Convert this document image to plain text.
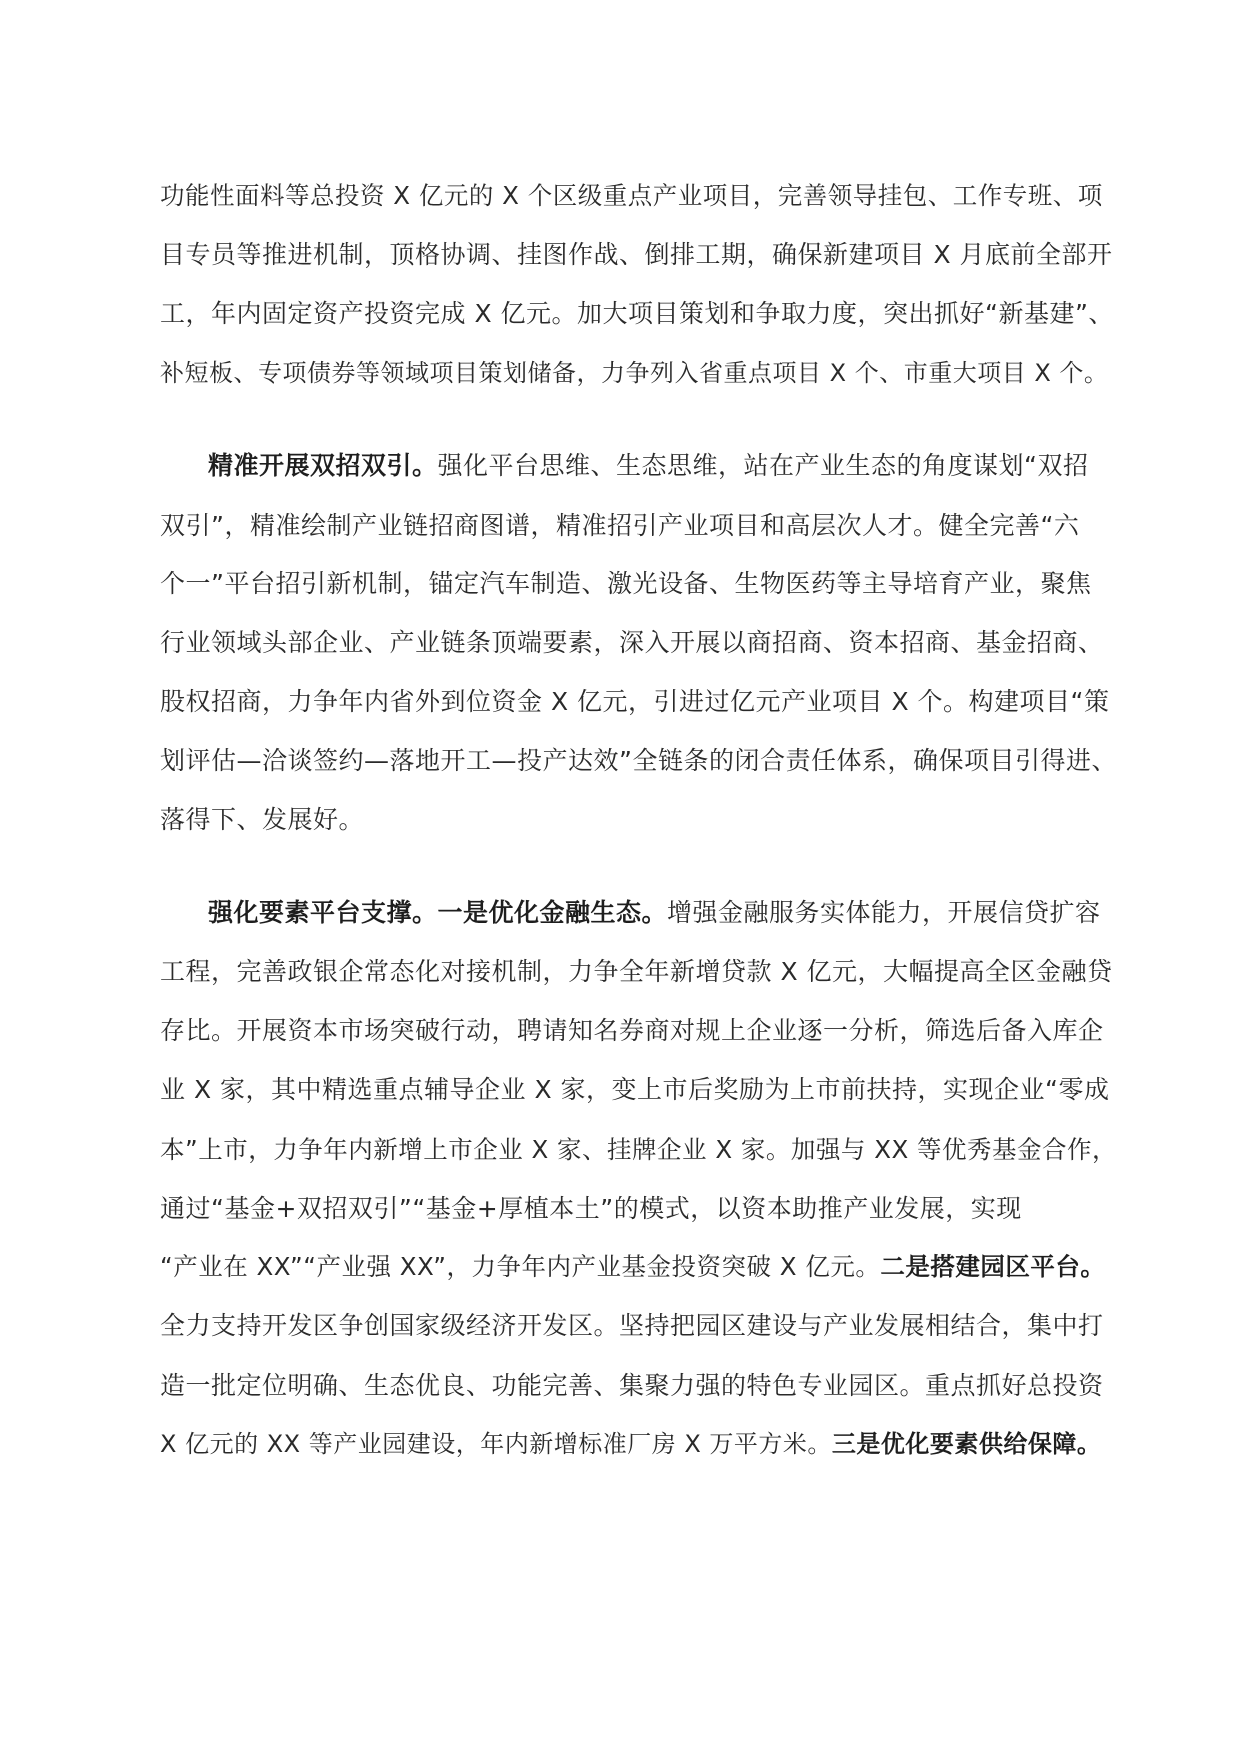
功能性面料等总投资 X 亿元的 X 个区级重点产业项目，完善领导挂包、工作专班、项
目专员等推进机制，顶格协调、挂图作战、倒排工期，确保新建项目 X 月底前全部开
工，年内固定资产投资完成 X 亿元。加大项目策划和争取力度，突出抓好“新基建”、
补短板、专项债券等领域项目策划储备，力争列入省重点项目 X 个、市重大项目 X 个。
精准开展双招双引。强化平台思维、生态思维，站在产业生态的角度谋划“双招
双引”，精准绘制产业链招商图谱，精准招引产业项目和高层次人才。健全完善“六
个一”平台招引新机制，锚定汽车制造、激光设备、生物医药等主导培育产业，聚焦
行业领域头部企业、产业链条顶端要素，深入开展以商招商、资本招商、基金招商、
股权招商，力争年内省外到位资金 X 亿元，引进过亿元产业项目 X 个。构建项目“策
划评估—洽谈签约—落地开工—投产达效”全链条的闭合责任体系，确保项目引得进、
落得下、发展好。
强化要素平台支撑。一是优化金融生态。增强金融服务实体能力，开展信贷扩容
工程，完善政银企常态化对接机制，力争全年新增贷款 X 亿元，大幅提高全区金融贷
存比。开展资本市场突破行动，聘请知名券商对规上企业逐一分析，筛选后备入库企
业 X 家，其中精选重点辅导企业 X 家，变上市后奖励为上市前扶持，实现企业“零成
本”上市，力争年内新增上市企业 X 家、挂牌企业 X 家。加强与 XX 等优秀基金合作，
通过“基金+双招双引”“基金+厚植本土”的模式，以资本助推产业发展，实现
“产业在 XX”“产业强 XX”，力争年内产业基金投资突破 X 亿元。二是搭建园区平台。
全力支持开发区争创国家级经济开发区。坚持把园区建设与产业发展相结合，集中打
造一批定位明确、生态优良、功能完善、集聚力强的特色专业园区。重点抓好总投资
X 亿元的 XX 等产业园建设，年内新增标准厂房 X 万平方米。三是优化要素供给保障。
